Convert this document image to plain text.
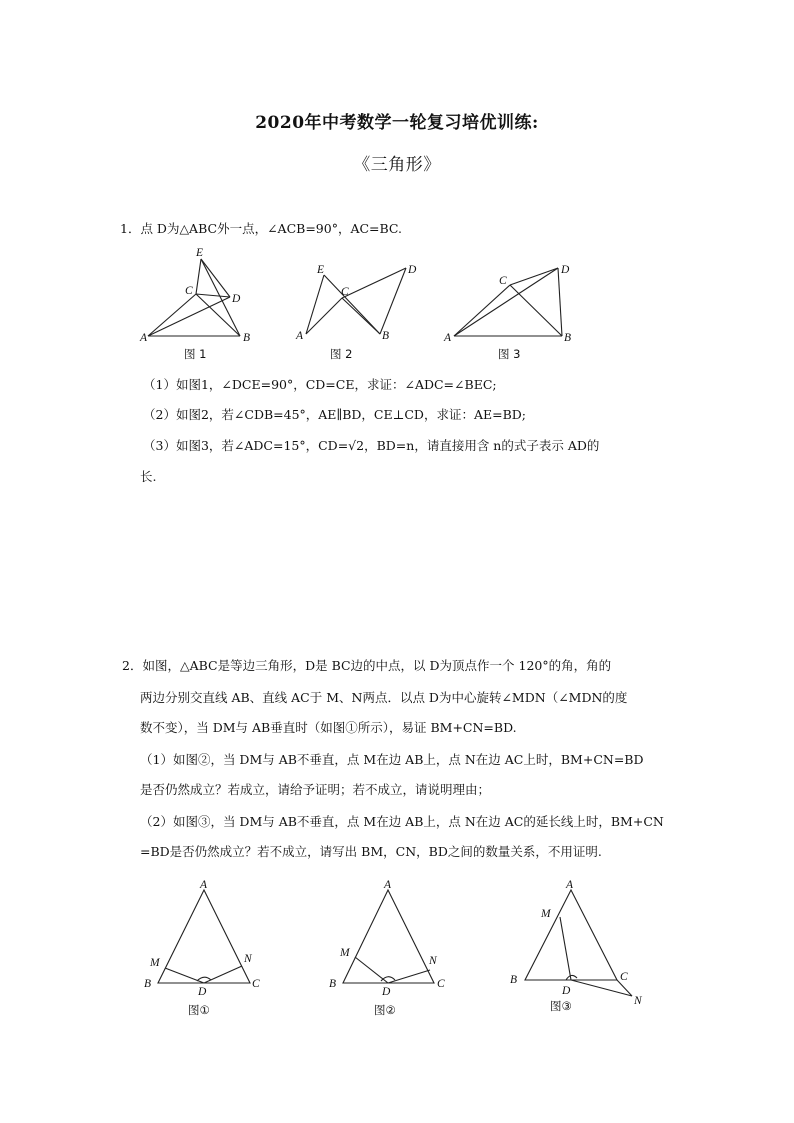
2020年中考数学一轮复习培优训练:
《三角形》
1．点 D为△ABC外一点，∠ACB=90°，AC=BC.
E
C
D
A	B
图 1
E
C
D
A	B
图 2
C
D
A	B
图 3
（1）如图1，∠DCE=90°，CD=CE，求证：∠ADC=∠BEC;
（2）如图2，若∠CDB=45°，AE∥BD，CE⊥CD，求证：AE=BD;
（3）如图3，若∠ADC=15°，CD=√2，BD=n，请直接用含 n的式子表示 AD的
长.
2．如图，△ABC是等边三角形，D是 BC边的中点，以 D为顶点作一个 120°的角，角的
两边分别交直线 AB、直线 AC于 M、N两点．以点 D为中心旋转∠MDN（∠MDN的度
数不变），当 DM与 AB垂直时（如图①所示），易证 BM+CN=BD.
（1）如图②，当 DM与 AB不垂直，点 M在边 AB上，点 N在边 AC上时，BM+CN=BD
是否仍然成立？若成立，请给予证明；若不成立，请说明理由；
（2）如图③，当 DM与 AB不垂直，点 M在边 AB上，点 N在边 AC的延长线上时，BM+CN
=BD是否仍然成立？若不成立，请写出 BM，CN，BD之间的数量关系，不用证明.
A
M	N
B
D
C
图①
A
M
N
B
D
C
图②
A
M
B
D
C
N
图③
